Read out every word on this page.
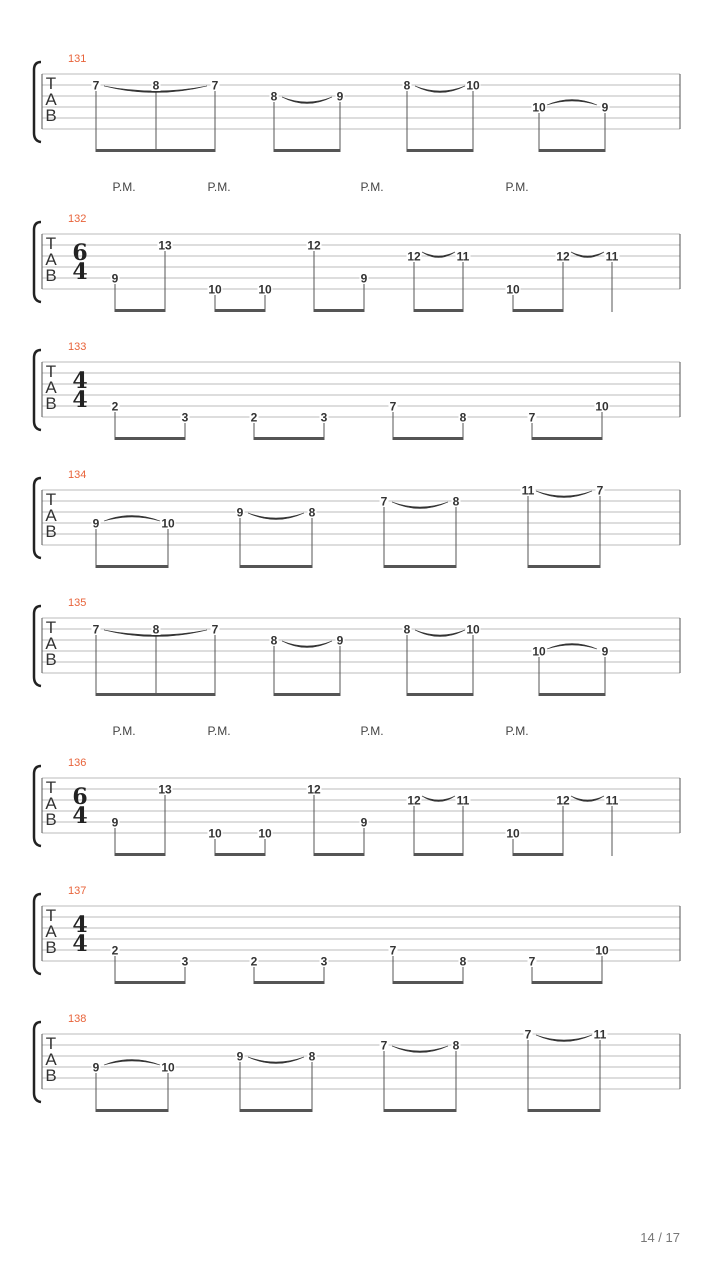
131
T
A
B
7	8	7
8	9
8	10
10	9
132
T
A
B
6
4
P.M.	P.M.	P.M.	P.M.
9
13
10	10
12
9
12	11
10
12	11
133
T
A
B
4
4 2
3	2	3
7
8	7
10
134
T
A
B	9	10
9	8
7	8
11	7
135
T
A
B
7	8	7
8	9
8	10
10	9
136
T
A
B
6
4
P.M.	P.M.	P.M.	P.M.
9
13
10	10
12
9
12	11
10
12	11
137
T
A
B
4
4 2
3	2	3
7
8	7
10
138
T
A
B	9	10
9	8
7	8
7	11
14 / 17
